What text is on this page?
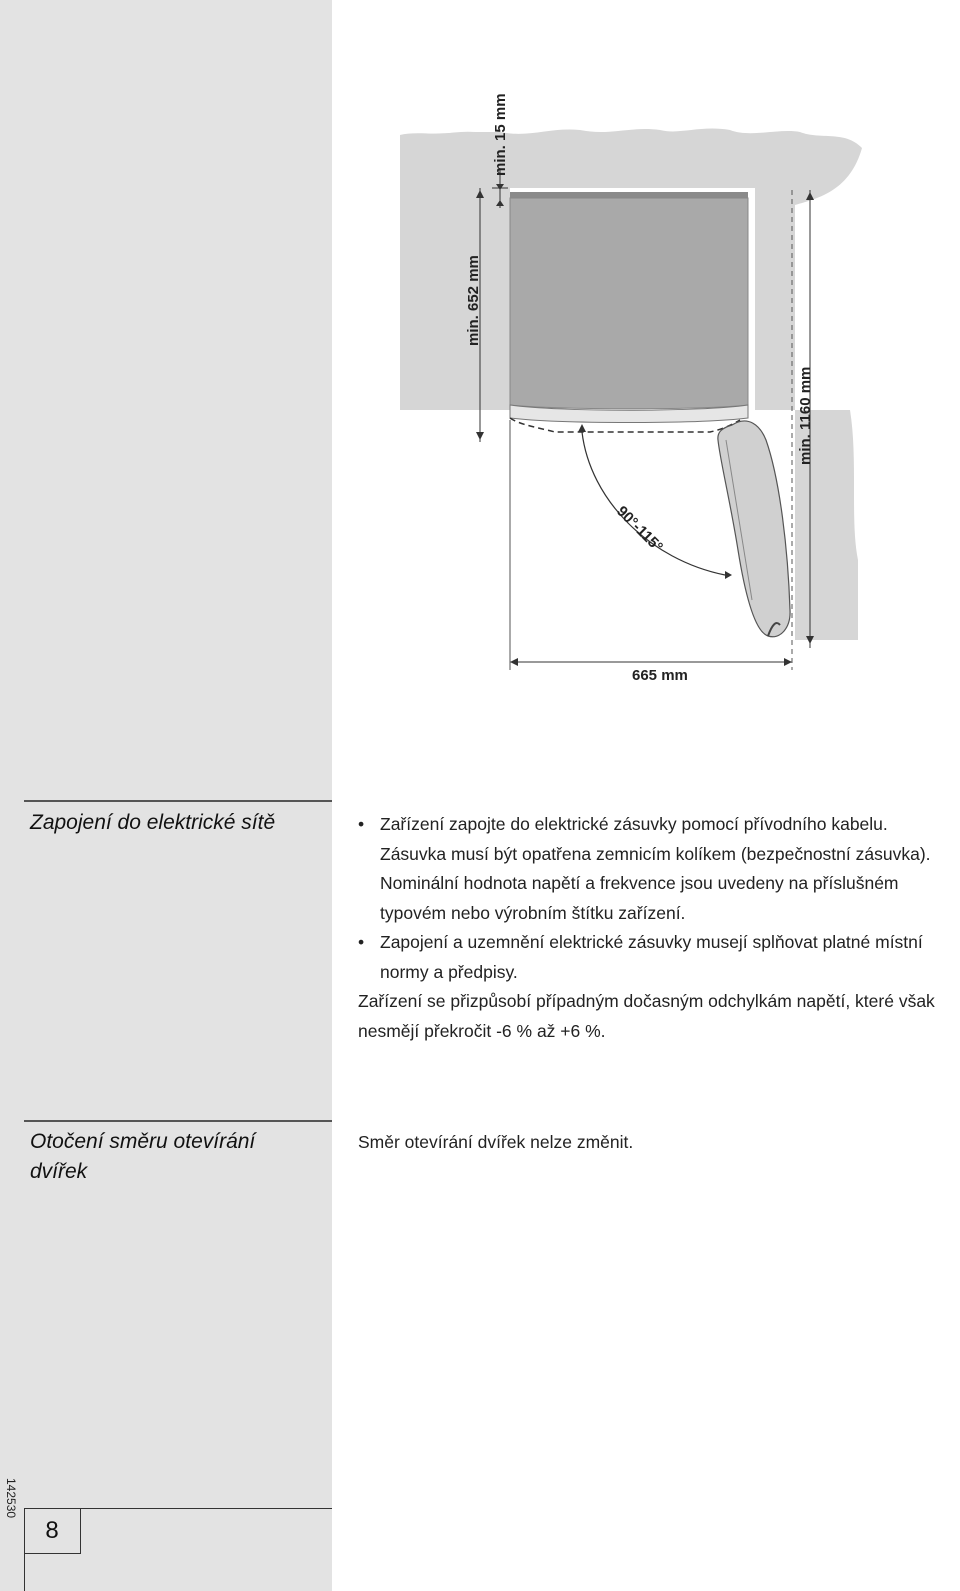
90°-115°
min. 15 mm
min. 652 mm
min. 1160 mm
665 mm
Zapojení do elektrické sítě
•	Zařízení zapojte do elektrické zásuvky pomocí přívodního kabelu. Zásuvka musí být opatřena zemnicím kolíkem (bezpečnostní zásuvka). Nominální hodnota napětí a frekvence jsou uvedeny na příslušném typovém nebo výrobním štítku zařízení.
• Zapojení a uzemnění elektrické zásuvky musejí splňovat platné místní normy a předpisy.

Zařízení se přizpůsobí případným dočasným odchylkám napětí, které však nesmějí překročit -6 % až +6 %.

Otočení směru otevírání dvířek

Směr otevírání dvířek nelze změnit.

142530
8
